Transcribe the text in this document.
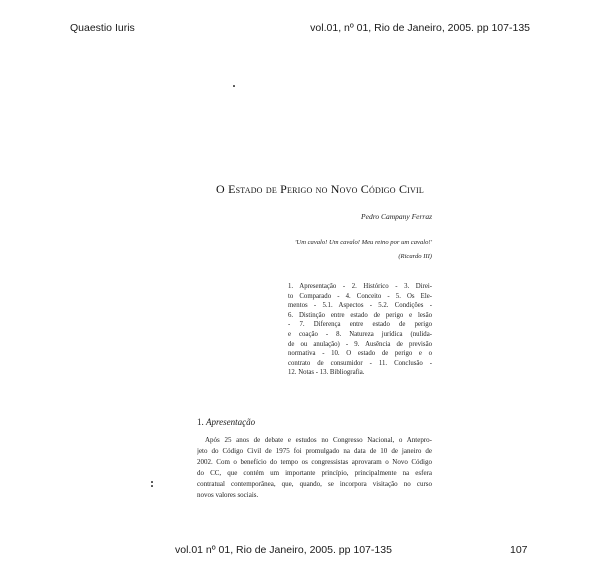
Quaestio Iuris	vol.01, nº 01, Rio de Janeiro, 2005. pp 107-135
O Estado de Perigo no Novo Código Civil
Pedro Campany Ferraz
'Um cavalo! Um cavalo! Meu reino por um cavalo!'
(Ricardo III)
1. Apresentação - 2. Histórico - 3. Direi-
to Comparado - 4. Conceito - 5. Os Ele-
mentos - 5.1. Aspectos - 5.2. Condições -
6. Distinção entre estado de perigo e lesão
- 7. Diferença entre estado de perigo
e coação - 8. Natureza jurídica (nulida-
de ou anulação) - 9. Ausência de previsão
normativa - 10. O estado de perigo e o
contrato de consumidor - 11. Conclusão -
12. Notas - 13. Bibliografia.
1. Apresentação
Após 25 anos de debate e estudos no Congresso Nacional, o Antepro-
jeto do Código Civil de 1975 foi promulgado na data de 10 de janeiro de
2002. Com o benefício do tempo os congressistas aprovaram o Novo Código
do CC, que contém um importante princípio, principalmente na esfera
contratual contemporânea, que, quando, se incorpora visitação no curso
novos valores sociais.
vol.01 nº 01, Rio de Janeiro, 2005. pp 107-135	107
